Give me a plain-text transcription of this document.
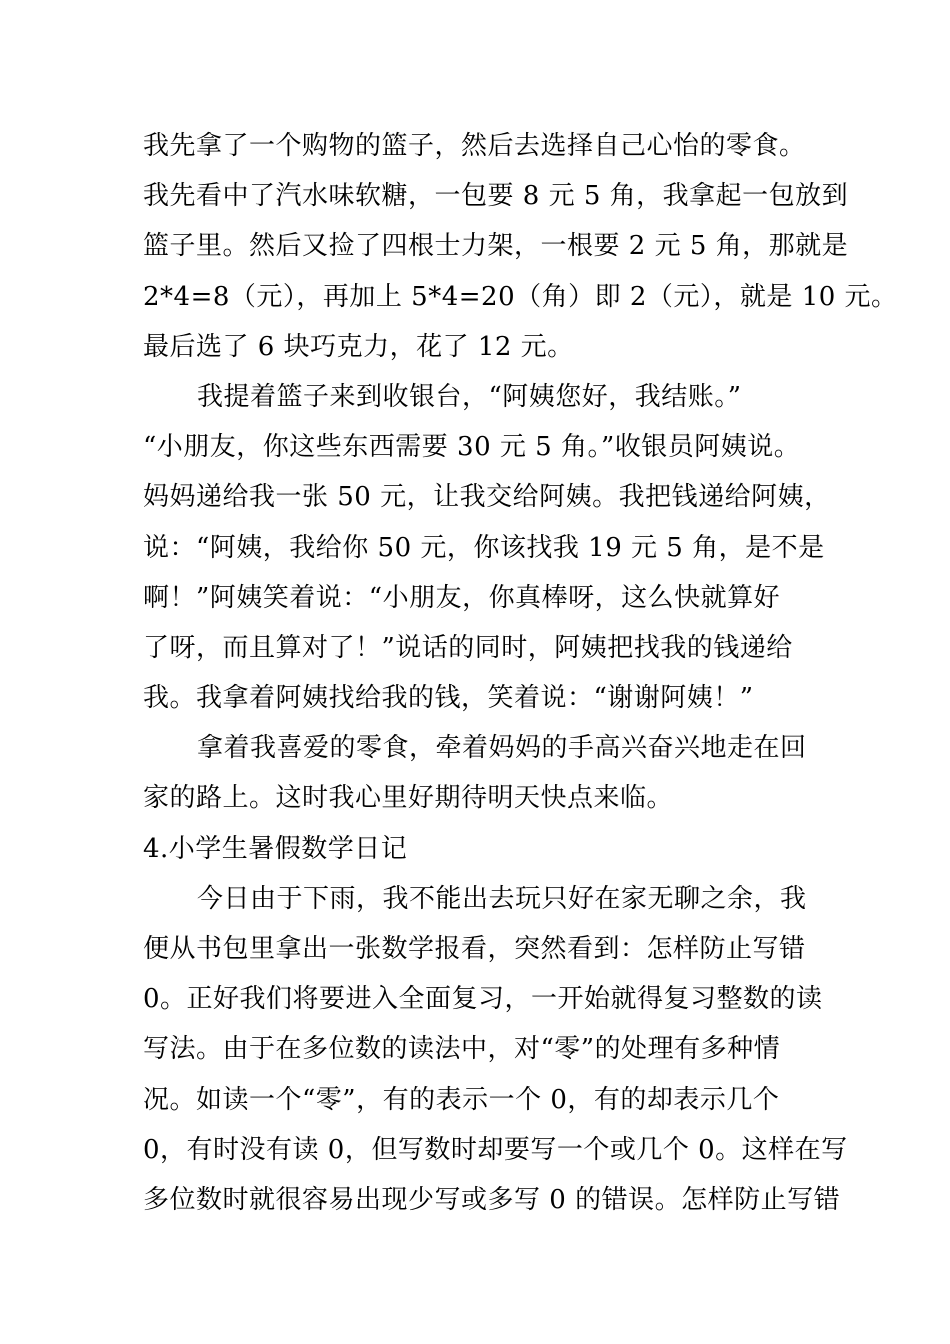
我先拿了一个购物的篮子，然后去选择自己心怡的零食。
我先看中了汽水味软糖，一包要 8 元 5 角，我拿起一包放到
篮子里。然后又捡了四根士力架，一根要 2 元 5 角，那就是
2*4=8（元），再加上 5*4=20（角）即 2（元），就是 10 元。
最后选了 6 块巧克力，花了 12 元。
我提着篮子来到收银台，“阿姨您好，我结账。”
“小朋友，你这些东西需要 30 元 5 角。”收银员阿姨说。
妈妈递给我一张 50 元，让我交给阿姨。我把钱递给阿姨，
说：“阿姨，我给你 50 元，你该找我 19 元 5 角，是不是
啊！”阿姨笑着说：“小朋友，你真棒呀，这么快就算好
了呀，而且算对了！”说话的同时，阿姨把找我的钱递给
我。我拿着阿姨找给我的钱，笑着说：“谢谢阿姨！”
拿着我喜爱的零食，牵着妈妈的手高兴奋兴地走在回
家的路上。这时我心里好期待明天快点来临。
4.小学生暑假数学日记
今日由于下雨，我不能出去玩只好在家无聊之余，我
便从书包里拿出一张数学报看，突然看到：怎样防止写错
0。正好我们将要进入全面复习，一开始就得复习整数的读
写法。由于在多位数的读法中，对“零”的处理有多种情
况。如读一个“零”，有的表示一个 0，有的却表示几个
0，有时没有读 0，但写数时却要写一个或几个 0。这样在写
多位数时就很容易出现少写或多写 0 的错误。怎样防止写错
